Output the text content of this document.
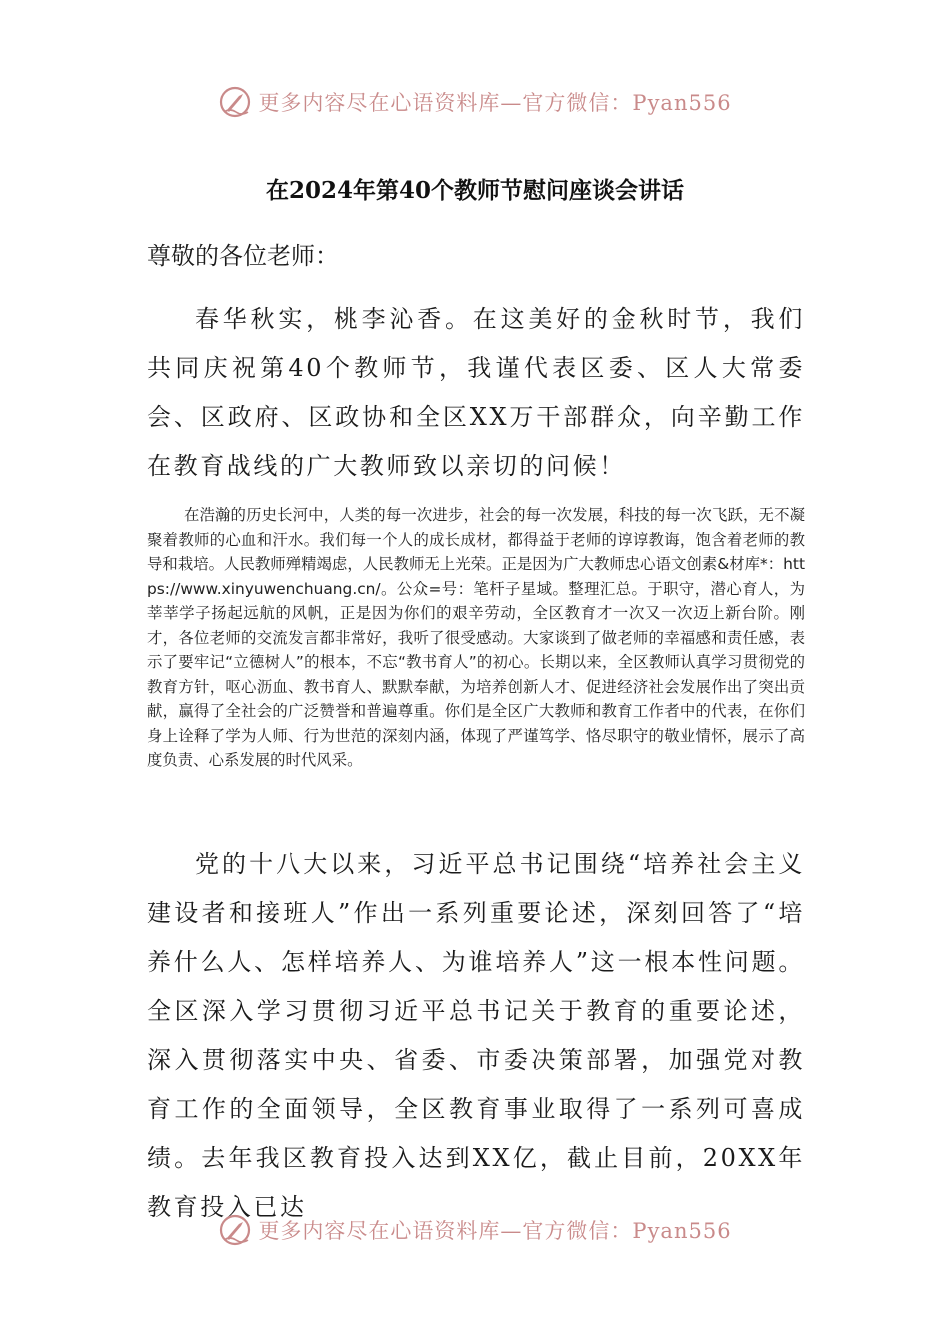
更多内容尽在心语资料库—官方微信：Pyan556
在2024年第40个教师节慰问座谈会讲话

尊敬的各位老师：

春华秋实，桃李沁香。在这美好的金秋时节，我们共同庆祝第40个教师节，我谨代表区委、区人大常委会、区政府、区政协和全区XX万干部群众，向辛勤工作在教育战线的广大教师致以亲切的问候！

在浩瀚的历史长河中，人类的每一次进步，社会的每一次发展，科技的每一次飞跃，无不凝聚着教师的心血和汗水。我们每一个人的成长成材，都得益于老师的谆谆教诲，饱含着老师的教导和栽培。人民教师殚精竭虑，人民教师无上光荣。正是因为广大教师忠心语文创素&材库*：https://www.xinyuwenchuang.cn/。公众=号：笔杆子星域。整理汇总。于职守，潜心育人，为莘莘学子扬起远航的风帆，正是因为你们的艰辛劳动，全区教育才一次又一次迈上新台阶。刚才，各位老师的交流发言都非常好，我听了很受感动。大家谈到了做老师的幸福感和责任感，表示了要牢记“立德树人”的根本，不忘“教书育人”的初心。长期以来，全区教师认真学习贯彻党的教育方针，呕心沥血、教书育人、默默奉献，为培养创新人才、促进经济社会发展作出了突出贡献，赢得了全社会的广泛赞誉和普遍尊重。你们是全区广大教师和教育工作者中的代表，在你们身上诠释了学为人师、行为世范的深刻内涵，体现了严谨笃学、恪尽职守的敬业情怀，展示了高度负责、心系发展的时代风采。

党的十八大以来，习近平总书记围绕“培养社会主义建设者和接班人”作出一系列重要论述，深刻回答了“培养什么人、怎样培养人、为谁培养人”这一根本性问题。全区深入学习贯彻习近平总书记关于教育的重要论述，深入贯彻落实中央、省委、市委决策部署，加强党对教育工作的全面领导，全区教育事业取得了一系列可喜成绩。去年我区教育投入达到XX亿，截止目前，20XX年教育投入已达

更多内容尽在心语资料库—官方微信：Pyan556
